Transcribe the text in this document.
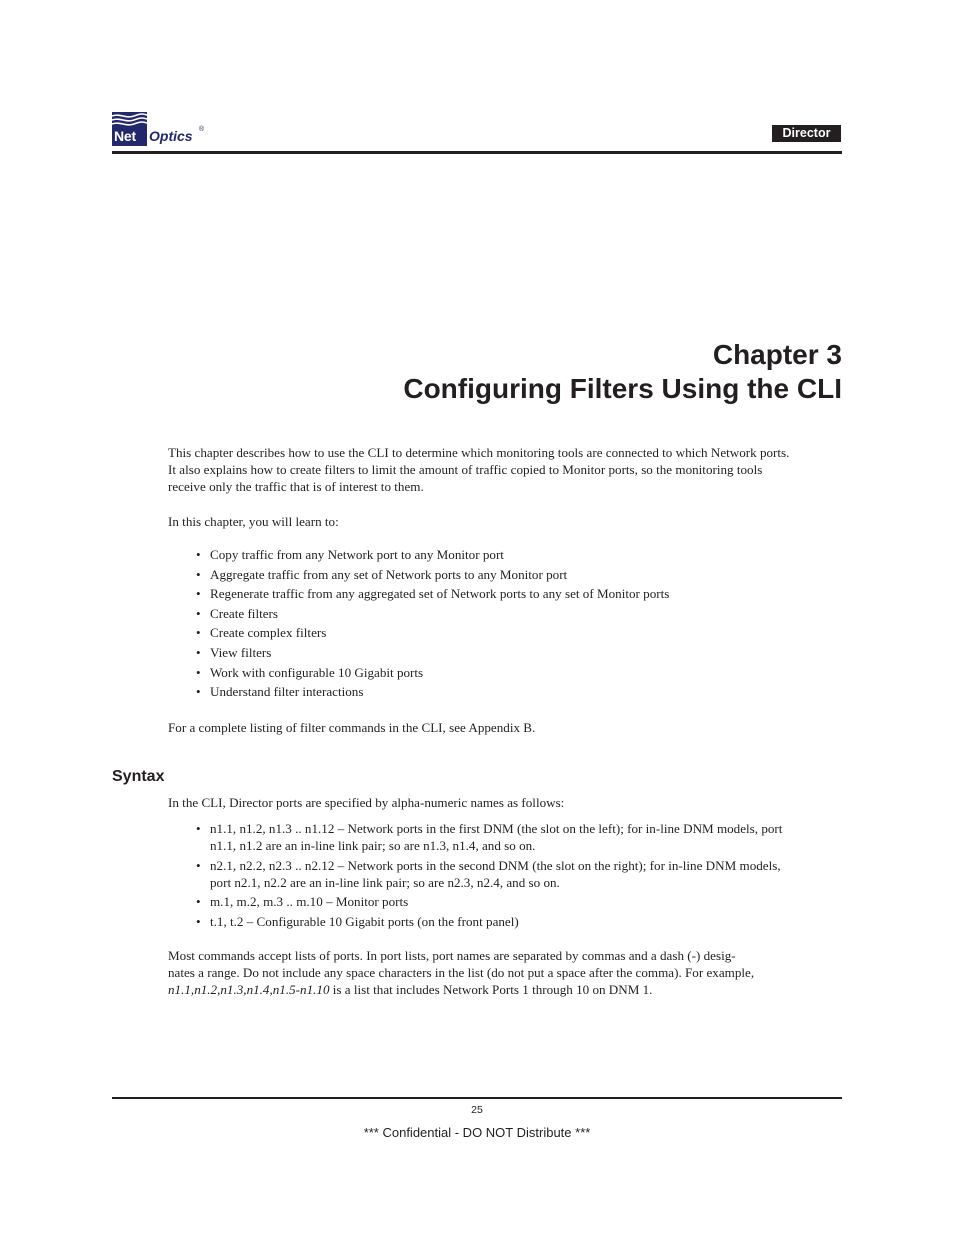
Net Optics ®	Director
Chapter 3
Configuring Filters Using the CLI
This chapter describes how to use the CLI to determine which monitoring tools are connected to which Network ports.
It also explains how to create filters to limit the amount of traffic copied to Monitor ports, so the monitoring tools
receive only the traffic that is of interest to them.
In this chapter, you will learn to:
• Copy traffic from any Network port to any Monitor port
• Aggregate traffic from any set of Network ports to any Monitor port
• Regenerate traffic from any aggregated set of Network ports to any set of Monitor ports
• Create filters
• Create complex filters
• View filters
• Work with configurable 10 Gigabit ports
• Understand filter interactions
For a complete listing of filter commands in the CLI, see Appendix B.
Syntax
In the CLI, Director ports are specified by alpha-numeric names as follows:
• n1.1, n1.2, n1.3 .. n1.12 – Network ports in the first DNM (the slot on the left); for in-line DNM models, port
n1.1, n1.2 are an in-line link pair; so are n1.3, n1.4, and so on.
• n2.1, n2.2, n2.3 .. n2.12 – Network ports in the second DNM (the slot on the right); for in-line DNM models,
port n2.1, n2.2 are an in-line link pair; so are n2.3, n2.4, and so on.
• m.1, m.2, m.3 .. m.10 – Monitor ports
• t.1, t.2 – Configurable 10 Gigabit ports (on the front panel)
Most commands accept lists of ports. In port lists, port names are separated by commas and a dash (-) desig-
nates a range. Do not include any space characters in the list (do not put a space after the comma). For example,
n1.1,n1.2,n1.3,n1.4,n1.5-n1.10 is a list that includes Network Ports 1 through 10 on DNM 1.
25
*** Confidential - DO NOT Distribute ***
